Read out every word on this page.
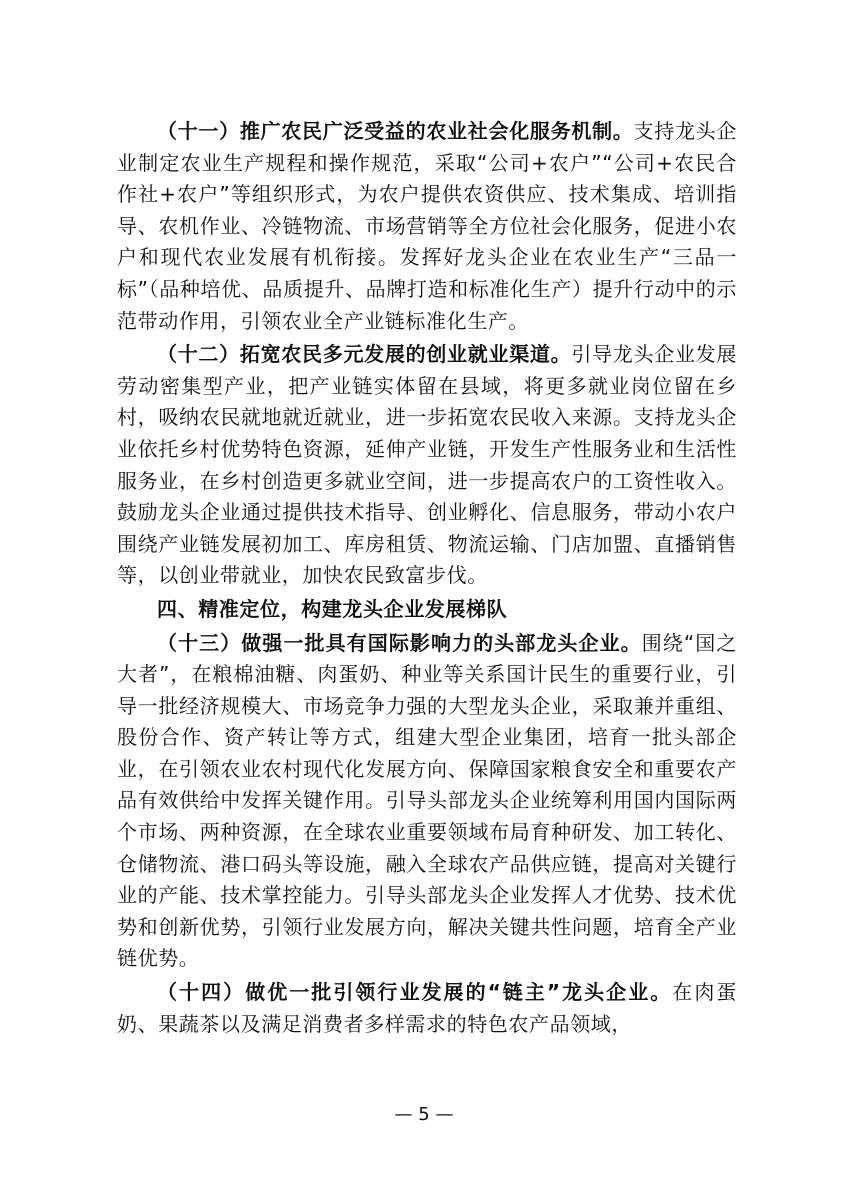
（十一）推广农民广泛受益的农业社会化服务机制。支持龙头企业制定农业生产规程和操作规范，采取“公司+农户”“公司+农民合作社+农户”等组织形式，为农户提供农资供应、技术集成、培训指导、农机作业、冷链物流、市场营销等全方位社会化服务，促进小农户和现代农业发展有机衔接。发挥好龙头企业在农业生产“三品一标”（品种培优、品质提升、品牌打造和标准化生产）提升行动中的示范带动作用，引领农业全产业链标准化生产。

（十二）拓宽农民多元发展的创业就业渠道。引导龙头企业发展劳动密集型产业，把产业链实体留在县域，将更多就业岗位留在乡村，吸纳农民就地就近就业，进一步拓宽农民收入来源。支持龙头企业依托乡村优势特色资源，延伸产业链，开发生产性服务业和生活性服务业，在乡村创造更多就业空间，进一步提高农户的工资性收入。鼓励龙头企业通过提供技术指导、创业孵化、信息服务，带动小农户围绕产业链发展初加工、库房租赁、物流运输、门店加盟、直播销售等，以创业带就业，加快农民致富步伐。

四、精准定位，构建龙头企业发展梯队

（十三）做强一批具有国际影响力的头部龙头企业。围绕“国之大者”，在粮棉油糖、肉蛋奶、种业等关系国计民生的重要行业，引导一批经济规模大、市场竞争力强的大型龙头企业，采取兼并重组、股份合作、资产转让等方式，组建大型企业集团，培育一批头部企业，在引领农业农村现代化发展方向、保障国家粮食安全和重要农产品有效供给中发挥关键作用。引导头部龙头企业统筹利用国内国际两个市场、两种资源，在全球农业重要领域布局育种研发、加工转化、仓储物流、港口码头等设施，融入全球农产品供应链，提高对关键行业的产能、技术掌控能力。引导头部龙头企业发挥人才优势、技术优势和创新优势，引领行业发展方向，解决关键共性问题，培育全产业链优势。

（十四）做优一批引领行业发展的“链主”龙头企业。在肉蛋奶、果蔬茶以及满足消费者多样需求的特色农产品领域，

— 5 —
